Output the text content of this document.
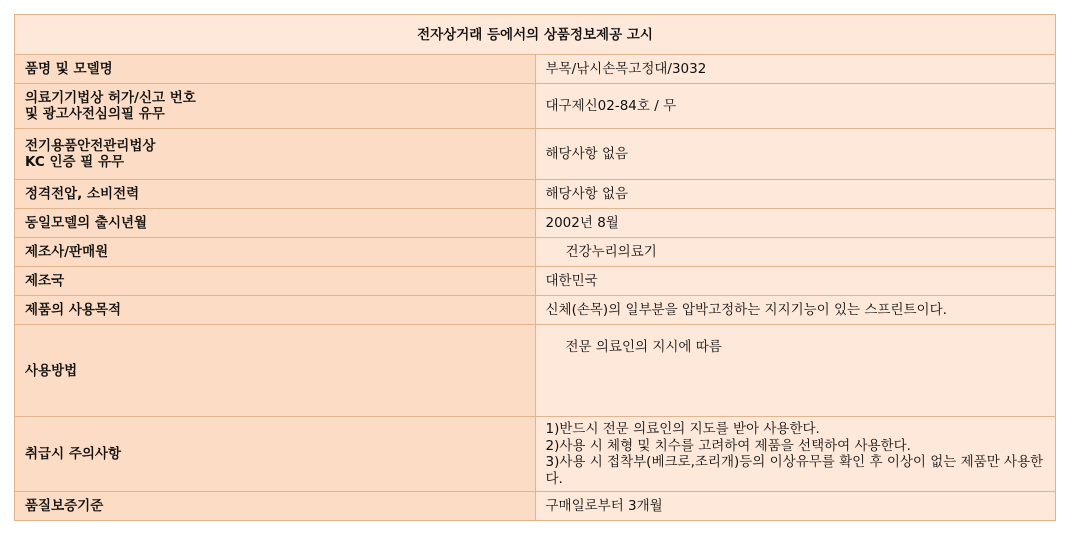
전자상거래 등에서의 상품정보제공 고시	

품명 및 모델명	부목/낚시손목고정대/3032

의료기기법상 허가/신고 번호
및 광고사전심의필 유무	대구제신02-84호 / 무

전기용품안전관리법상
KC 인증 필 유무	해당사항 없음

정격전압, 소비전력	해당사항 없음

동일모델의 출시년월	2002년 8월

제조사/판매원	건강누리의료기

제조국	대한민국

제품의 사용목적	신체(손목)의 일부분을 압박고정하는 지지기능이 있는 스프린트이다.

사용방법	전문 의료인의 지시에 따름

취급시 주의사항	1)반드시 전문 의료인의 지도를 받아 사용한다.
2)사용 시 체형 및 치수를 고려하여 제품을 선택하여 사용한다.
3)사용 시 접착부(베크로,조리개)등의 이상유무를 확인 후 이상이 없는 제품만 사용한다.

품질보증기준	구매일로부터 3개월
